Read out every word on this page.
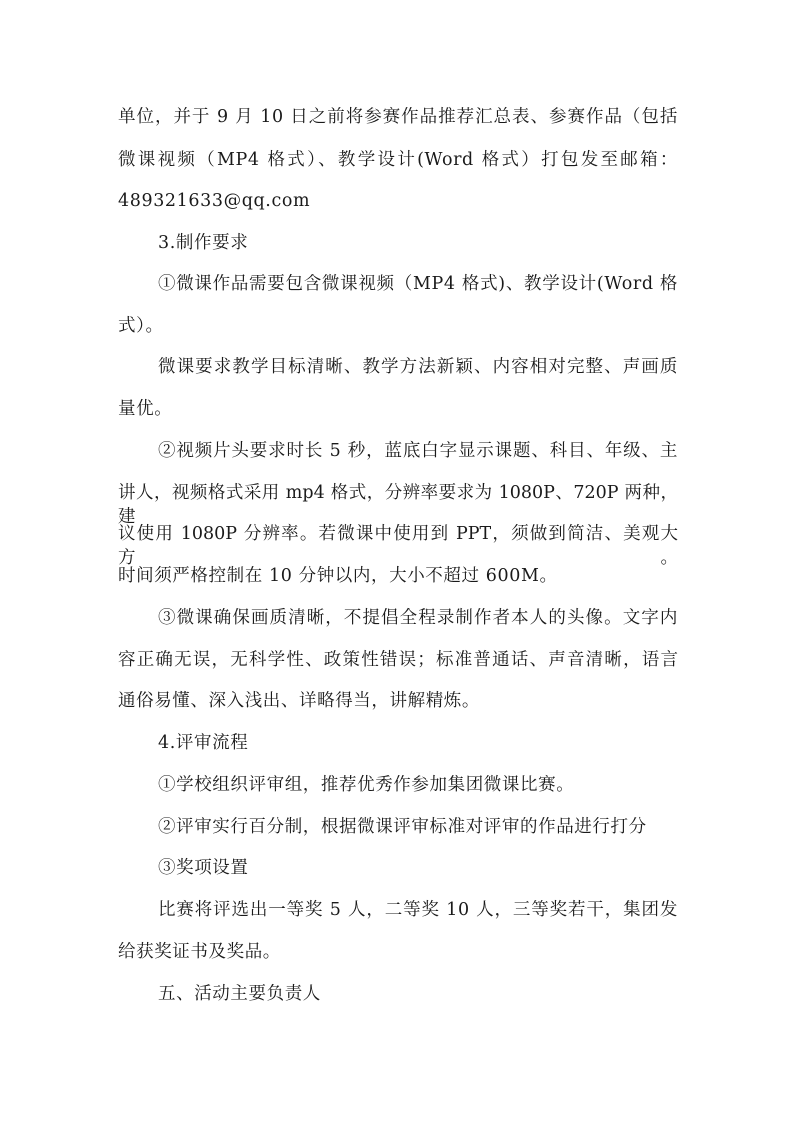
单位，并于 9 月 10 日之前将参赛作品推荐汇总表、参赛作品（包括
微课视频（MP4 格式）、教学设计(Word 格式）打包发至邮箱：
489321633@qq.com
3.制作要求
①微课作品需要包含微课视频（MP4 格式)、教学设计(Word 格
式）。
微课要求教学目标清晰、教学方法新颖、内容相对完整、声画质
量优。
②视频片头要求时长 5 秒，蓝底白字显示课题、科目、年级、主
讲人，视频格式采用 mp4 格式，分辨率要求为 1080P、720P 两种，建
议使用 1080P 分辨率。若微课中使用到 PPT，须做到简洁、美观大方。
时间须严格控制在 10 分钟以内，大小不超过 600M。
③微课确保画质清晰，不提倡全程录制作者本人的头像。文字内
容正确无误，无科学性、政策性错误；标准普通话、声音清晰，语言
通俗易懂、深入浅出、详略得当，讲解精炼。
4.评审流程
①学校组织评审组，推荐优秀作参加集团微课比赛。
②评审实行百分制，根据微课评审标准对评审的作品进行打分
③奖项设置
比赛将评选出一等奖 5 人，二等奖 10 人，三等奖若干，集团发
给获奖证书及奖品。
五、活动主要负责人
